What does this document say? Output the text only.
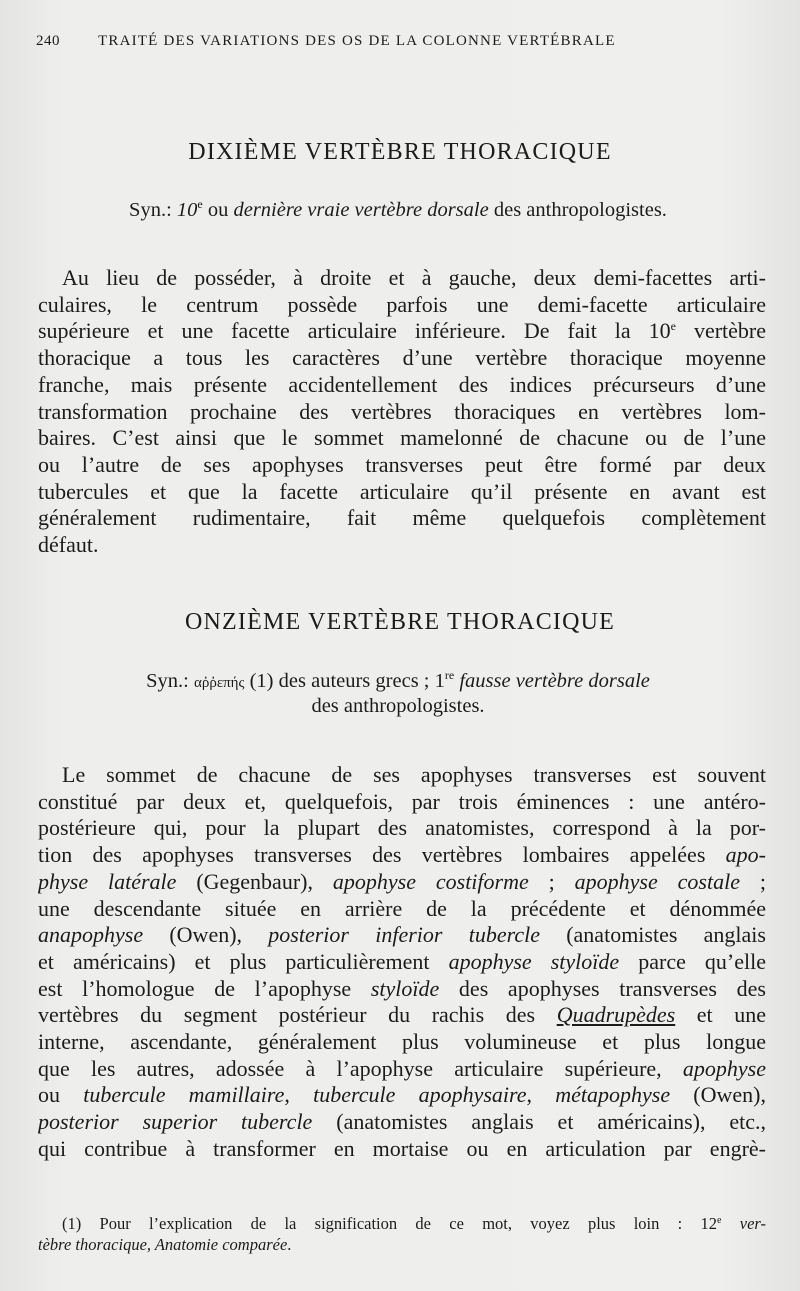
240	TRAITÉ DES VARIATIONS DES OS DE LA COLONNE VERTÉBRALE
DIXIÈME VERTÈBRE THORACIQUE
Syn.: 10e ou dernière vraie vertèbre dorsale des anthropologistes.
Au lieu de posséder, à droite et à gauche, deux demi-facettes arti-
culaires, le centrum possède parfois une demi-facette articulaire
supérieure et une facette articulaire inférieure. De fait la 10e vertèbre
thoracique a tous les caractères d’une vertèbre thoracique moyenne
franche, mais présente accidentellement des indices précurseurs d’une
transformation prochaine des vertèbres thoraciques en vertèbres lom-
baires. C’est ainsi que le sommet mamelonné de chacune ou de l’une
ou l’autre de ses apophyses transverses peut être formé par deux
tubercules et que la facette articulaire qu’il présente en avant est
généralement rudimentaire, fait même quelquefois complètement
défaut.
ONZIÈME VERTÈBRE THORACIQUE
Syn.: αῤῤεπής (1) des auteurs grecs ; 1re fausse vertèbre dorsale
des anthropologistes.
Le sommet de chacune de ses apophyses transverses est souvent
constitué par deux et, quelquefois, par trois éminences : une antéro-
postérieure qui, pour la plupart des anatomistes, correspond à la por-
tion des apophyses transverses des vertèbres lombaires appelées apo-
physe latérale (Gegenbaur), apophyse costiforme ; apophyse costale ;
une descendante située en arrière de la précédente et dénommée
anapophyse (Owen), posterior inferior tubercle (anatomistes anglais
et américains) et plus particulièrement apophyse styloïde parce qu’elle
est l’homologue de l’apophyse styloïde des apophyses transverses des
vertèbres du segment postérieur du rachis des Quadrupèdes et une
interne, ascendante, généralement plus volumineuse et plus longue
que les autres, adossée à l’apophyse articulaire supérieure, apophyse
ou tubercule mamillaire, tubercule apophysaire, métapophyse (Owen),
posterior superior tubercle (anatomistes anglais et américains), etc.,
qui contribue à transformer en mortaise ou en articulation par engrè-
(1) Pour l’explication de la signification de ce mot, voyez plus loin : 12e ver-
tèbre thoracique, Anatomie comparée.
